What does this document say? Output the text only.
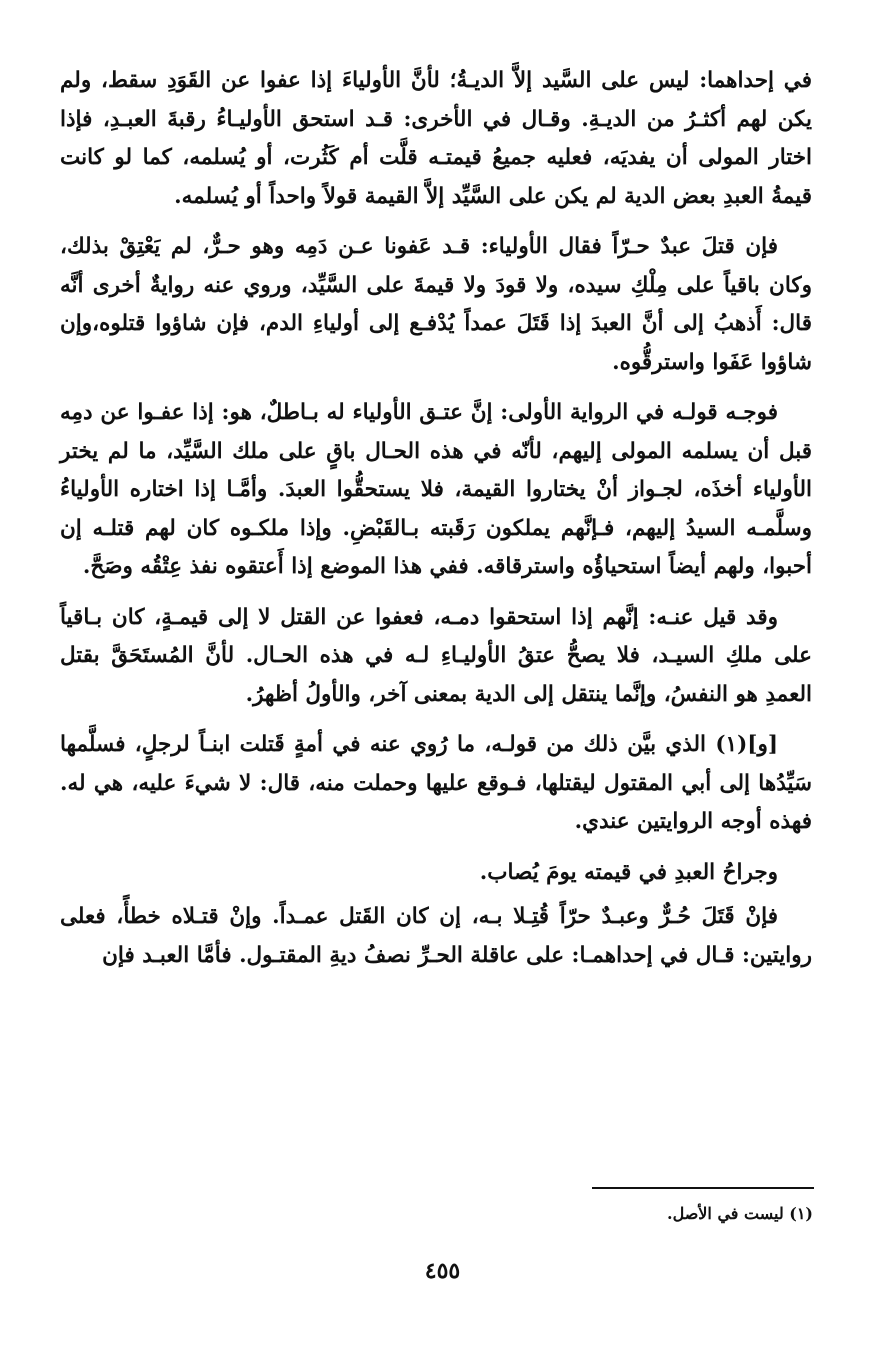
في إحداهما: ليس على السَّيد إلاَّ الديـةُ؛ لأنَّ الأولياءَ إذا عفوا عن القَوَدِ سقط، ولم يكن لهم أكثـرُ من الديـةِ. وقـال في الأخرى: قـد استحق الأوليـاءُ رقبةَ العبـدِ، فإذا اختار المولى أن يفديَه، فعليه جميعُ قيمتـه قلَّت أم كَثُرت، أو يُسلمه، كما لو كانت قيمةُ العبدِ بعض الدية لم يكن على السَّيِّد إلاَّ القيمة قولاً واحداً أو يُسلمه.

فإن قتلَ عبدٌ حـرّاً فقال الأولياء: قـد عَفونا عـن دَمِه وهو حـرٌّ، لم يَعْتِقْ بذلك، وكان باقياً على مِلْكِ سيده، ولا قودَ ولا قيمةَ على السَّيِّد، وروي عنه روايةٌ أخرى أنَّه قال: أَذهبُ إلى أنَّ العبدَ إذا قَتَلَ عمداً يُدْفـع إلى أولياءِ الدم، فإن شاؤوا قتلوه،وإن شاؤوا عَفَوا واسترقُّوه.

فوجـه قولـه في الرواية الأولى: إنَّ عتـق الأولياء له بـاطلٌ، هو: إذا عفـوا عن دمِه قبل أن يسلمه المولى إليهم، لأنّه في هذه الحـال باقٍ على ملك السَّيِّد، ما لم يختر الأولياء أخذَه، لجـواز أنْ يختاروا القيمة، فلا يستحقُّوا العبدَ. وأمَّـا إذا اختاره الأولياءُ وسلَّمـه السيدُ إليهم، فـإنَّهم يملكون رَقَبته بـالقَبْضِ. وإذا ملكـوه كان لهم قتلـه إن أحبوا، ولهم أيضاً استحياؤُه واسترقاقه. ففي هذا الموضع إذا أَعتقوه نفذ عِتْقُه وصَحَّ.

وقد قيل عنـه: إنَّهم إذا استحقوا دمـه، فعفوا عن القتل لا إلى قيمـةٍ، كان بـاقياً على ملكِ السيـد، فلا يصحُّ عتقُ الأوليـاءِ لـه في هذه الحـال. لأنَّ المُستَحَقَّ بقتل العمدِ هو النفسُ، وإنَّما ينتقل إلى الدية بمعنى آخر، والأولُ أظهرُ.

[و](١) الذي بيَّن ذلك من قولـه، ما رُوي عنه في أمةٍ قَتلت ابنـاً لرجلٍ، فسلَّمها سَيِّدُها إلى أبي المقتول ليقتلها، فـوقع عليها وحملت منه، قال: لا شيءَ عليه، هي له. فهذه أوجه الروايتين عندي.

وجراحُ العبدِ في قيمته يومَ يُصاب.

فإنْ قَتَلَ حُـرٌّ وعبـدٌ حرّاً قُتِـلا بـه، إن كان القَتل عمـداً. وإنْ قتـلاه خطأً، فعلى روايتين: قـال في إحداهمـا: على عاقلة الحـرِّ نصفُ ديةِ المقتـول. فأمَّا العبـد فإن

(١) ليست في الأصل.
٤٥٥
